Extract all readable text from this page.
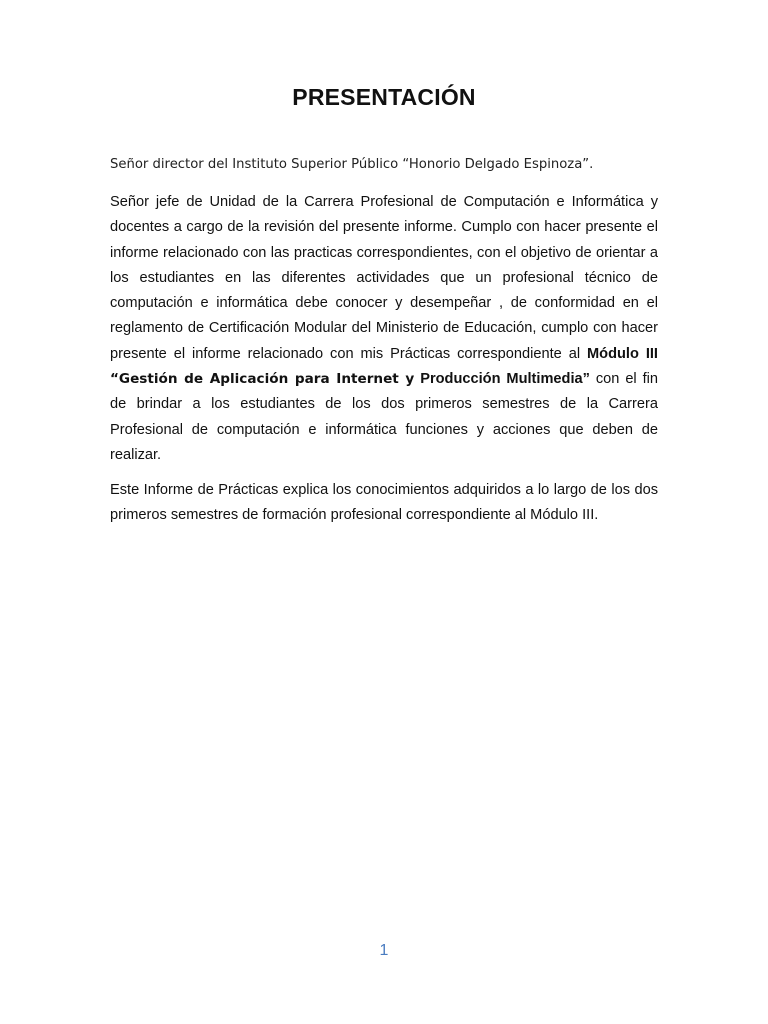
PRESENTACIÓN

Señor director del Instituto Superior Público “Honorio Delgado Espinoza”.

Señor jefe de Unidad de la Carrera Profesional de Computación e Informática y docentes a cargo de la revisión del presente informe. Cumplo con hacer presente el informe relacionado con las practicas correspondientes, con el objetivo de orientar a los estudiantes en las diferentes actividades que un profesional técnico de computación e informática debe conocer y desempeñar , de conformidad en el reglamento de Certificación Modular del Ministerio de Educación, cumplo con hacer presente el informe relacionado con mis Prácticas correspondiente al Módulo III “Gestión de Aplicación para Internet y Producción Multimedia” con el fin de brindar a los estudiantes de los dos primeros semestres de la Carrera Profesional de computación e informática funciones y acciones que deben de realizar.

Este Informe de Prácticas explica los conocimientos adquiridos a lo largo de los dos primeros semestres de formación profesional correspondiente al Módulo III.

1
